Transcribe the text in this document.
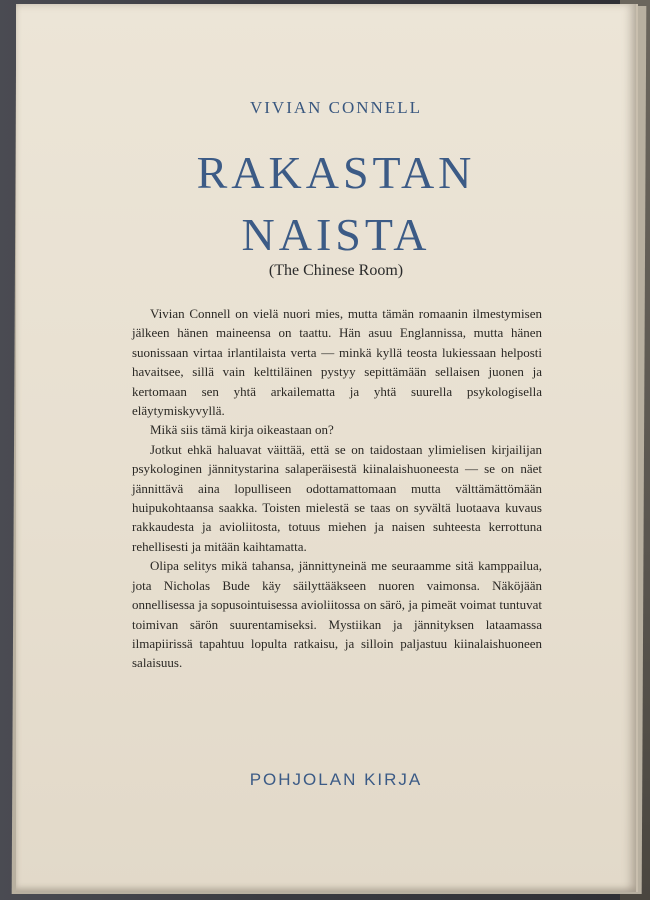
VIVIAN CONNELL
RAKASTAN
NAISTA
(The Chinese Room)

Vivian Connell on vielä nuori mies, mutta tämän romaanin ilmestymisen jälkeen hänen maineensa on taattu. Hän asuu Englannissa, mutta hänen suonissaan virtaa irlantilaista verta — minkä kyllä teosta lukiessaan helposti havaitsee, sillä vain kelttiläinen pystyy sepittämään sellaisen juonen ja kertomaan sen yhtä arkailematta ja yhtä suurella psykologisella eläytymiskyvyllä.

Mikä siis tämä kirja oikeastaan on?

Jotkut ehkä haluavat väittää, että se on taidostaan ylimielisen kirjailijan psykologinen jännitystarina salaperäisestä kiinalaishuoneesta — se on näet jännittävä aina lopulliseen odottamattomaan mutta välttämättömään huipukohtaansa saakka. Toisten mielestä se taas on syvältä luotaava kuvaus rakkaudesta ja avioliitosta, totuus miehen ja naisen suhteesta kerrottuna rehellisesti ja mitään kaihtamatta.

Olipa selitys mikä tahansa, jännittyneinä me seuraamme sitä kamppailua, jota Nicholas Bude käy säilyttääkseen nuoren vaimonsa. Näköjään onnellisessa ja sopusointuisessa avioliitossa on särö, ja pimeät voimat tuntuvat toimivan särön suurentamiseksi. Mystiikan ja jännityksen lataamassa ilmapiirissä tapahtuu lopulta ratkaisu, ja silloin paljastuu kiinalaishuoneen salaisuus.

POHJOLAN KIRJA
